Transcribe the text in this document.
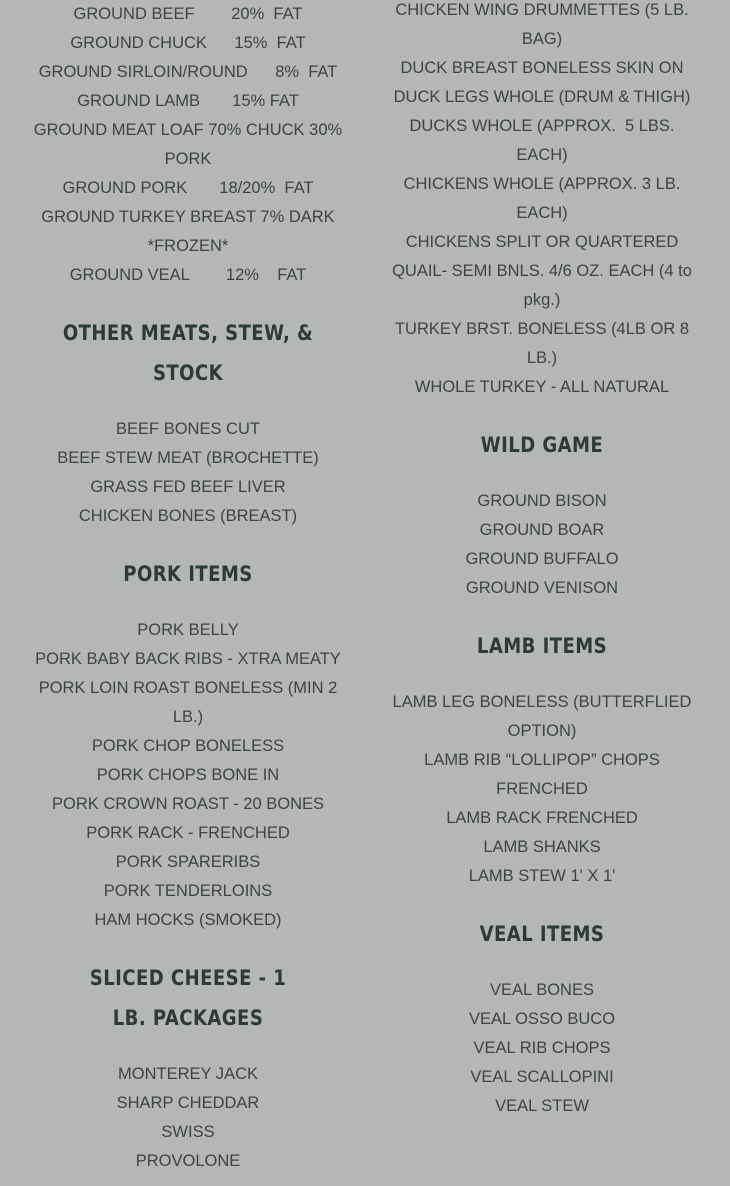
GROUND BEEF        20%  FAT

GROUND CHUCK      15%  FAT

GROUND SIRLOIN/ROUND      8%  FAT

GROUND LAMB       15% FAT

GROUND MEAT LOAF 70% CHUCK 30% PORK

GROUND PORK       18/20%  FAT

GROUND TURKEY BREAST 7% DARK *FROZEN*

GROUND VEAL        12%    FAT

OTHER MEATS, STEW, & STOCK

BEEF BONES CUT

BEEF STEW MEAT (BROCHETTE)

GRASS FED BEEF LIVER

CHICKEN BONES (BREAST)

PORK ITEMS

PORK BELLY

PORK BABY BACK RIBS - XTRA MEATY

PORK LOIN ROAST BONELESS (MIN 2 LB.)

PORK CHOP BONELESS

PORK CHOPS BONE IN

PORK CROWN ROAST - 20 BONES

PORK RACK - FRENCHED

PORK SPARERIBS

PORK TENDERLOINS

HAM HOCKS (SMOKED)

SLICED CHEESE - 1 LB. PACKAGES

MONTEREY JACK

SHARP CHEDDAR

SWISS

PROVOLONE

CHICKEN WING DRUMMETTES (5 LB. BAG)

DUCK BREAST BONELESS SKIN ON

DUCK LEGS WHOLE (DRUM & THIGH)

DUCKS WHOLE (APPROX.  5 LBS. EACH)

CHICKENS WHOLE (APPROX. 3 LB. EACH)

CHICKENS SPLIT OR QUARTERED

QUAIL- SEMI BNLS. 4/6 OZ. EACH (4 to pkg.)

TURKEY BRST. BONELESS (4LB OR 8 LB.)

WHOLE TURKEY - ALL NATURAL

WILD GAME

GROUND BISON

GROUND BOAR

GROUND BUFFALO

GROUND VENISON

LAMB ITEMS

LAMB LEG BONELESS (BUTTERFLIED OPTION)

LAMB RIB “LOLLIPOP” CHOPS FRENCHED

LAMB RACK FRENCHED

LAMB SHANKS

LAMB STEW 1' X 1'

VEAL ITEMS

VEAL BONES

VEAL OSSO BUCO

VEAL RIB CHOPS

VEAL SCALLOPINI

VEAL STEW
